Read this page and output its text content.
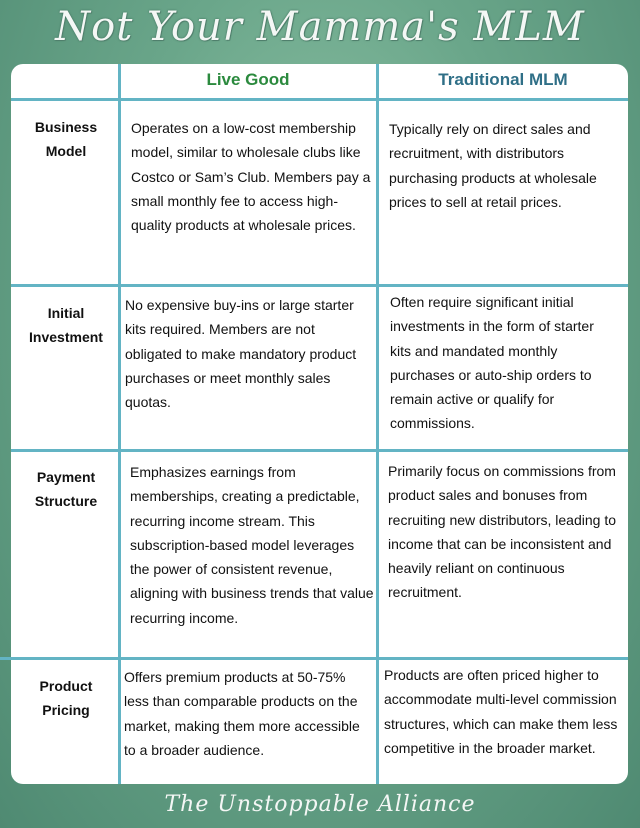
Not Your Mamma's MLM
Live Good	Traditional MLM
Business
Model
Operates on a low-cost membership model, similar to wholesale clubs like Costco or Sam’s Club. Members pay a small monthly fee to access high-quality products at wholesale prices.
Typically rely on direct sales and recruitment, with distributors purchasing products at wholesale prices to sell at retail prices.
Initial
Investment
No expensive buy-ins or large starter kits required. Members are not obligated to make mandatory product purchases or meet monthly sales quotas.
Often require significant initial investments in the form of starter kits and mandated monthly purchases or auto-ship orders to remain active or qualify for commissions.
Payment
Structure
Emphasizes earnings from memberships, creating a predictable, recurring income stream. This subscription-based model leverages the power of consistent revenue, aligning with business trends that value recurring income.
Primarily focus on commissions from product sales and bonuses from recruiting new distributors, leading to income that can be inconsistent and heavily reliant on continuous recruitment.
Product
Pricing
Offers premium products at 50-75% less than comparable products on the market, making them more accessible to a broader audience.
Products are often priced higher to accommodate multi-level commission structures, which can make them less competitive in the broader market.
The Unstoppable Alliance
